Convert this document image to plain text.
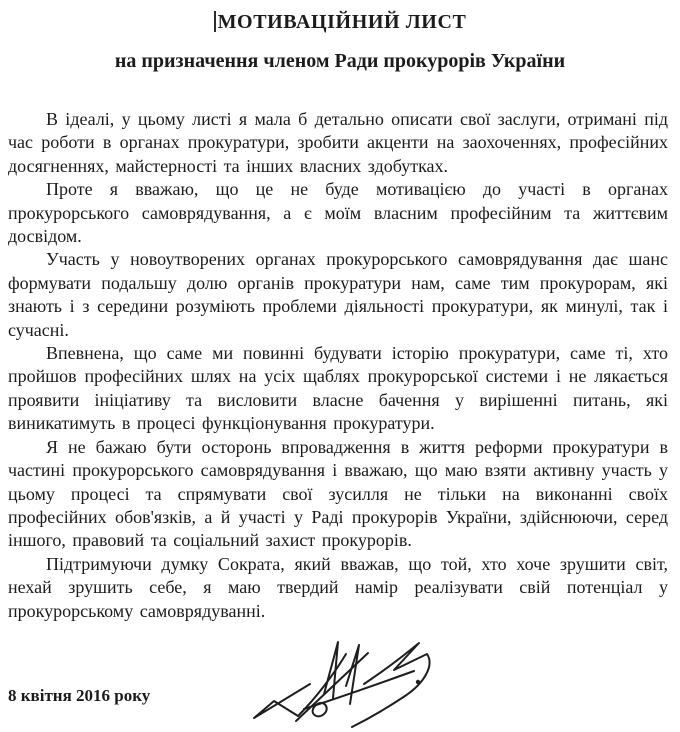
МОТИВАЦІЙНИЙ ЛИСТ
на призначення членом Ради прокурорів України

В ідеалі, у цьому листі я мала б детально описати свої заслуги, отримані під час роботи в органах прокуратури, зробити акценти на заохоченнях, професійних досягненнях, майстерності та інших власних здобутках.

Проте я вважаю, що це не буде мотивацією до участі в органах прокурорського самоврядування, а є моїм власним професійним та життєвим досвідом.

Участь у новоутворених органах прокурорського самоврядування дає шанс формувати подальшу долю органів прокуратури нам, саме тим прокурорам, які знають і з середини розуміють проблеми діяльності прокуратури, як минулі, так і сучасні.

Впевнена, що саме ми повинні будувати історію прокуратури, саме ті, хто пройшов професійних шлях на усіх щаблях прокурорської системи і не лякається проявити ініціативу та висловити власне бачення у вирішенні питань, які виникатимуть в процесі функціонування прокуратури.

Я не бажаю бути осторонь впровадження в життя реформи прокуратури в частині прокурорського самоврядування і вважаю, що маю взяти активну участь у цьому процесі та спрямувати свої зусилля не тільки на виконанні своїх професійних обов'язків, а й участі у Раді прокурорів України, здійснюючи, серед іншого, правовий та соціальний захист прокурорів.

Підтримуючи думку Сократа, який вважав, що той, хто хоче зрушити світ, нехай зрушить себе, я маю твердий намір реалізувати свій потенціал у прокурорському самоврядуванні.

8 квітня 2016 року
